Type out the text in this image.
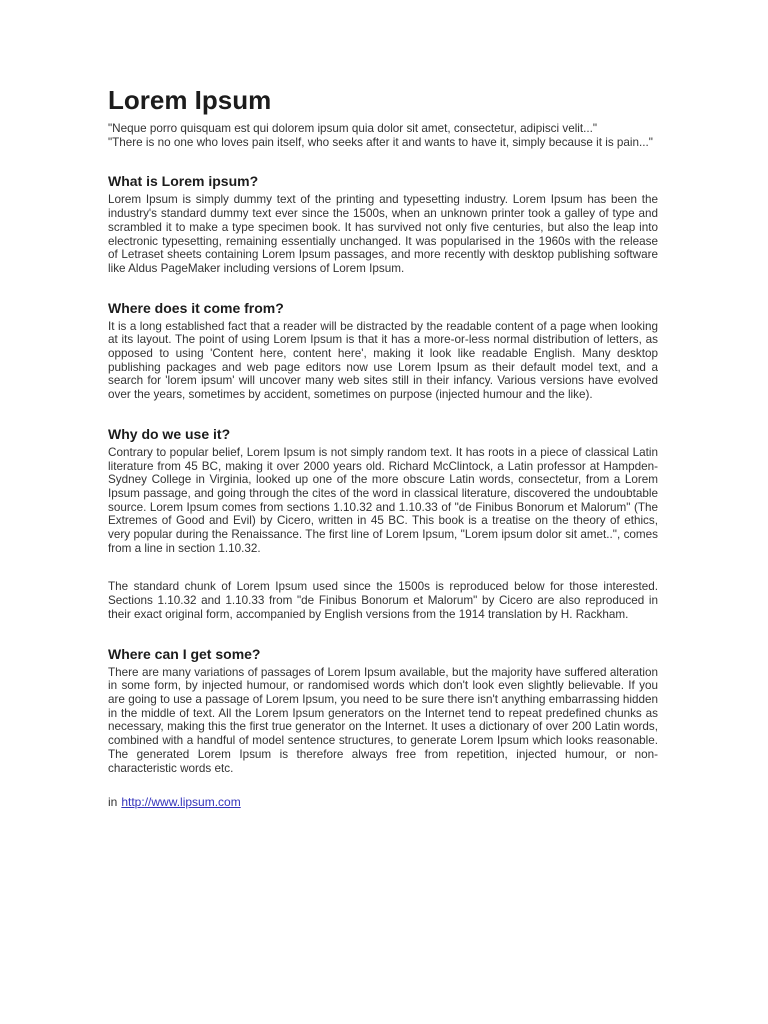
Lorem Ipsum

"Neque porro quisquam est qui dolorem ipsum quia dolor sit amet, consectetur, adipisci velit..."
"There is no one who loves pain itself, who seeks after it and wants to have it, simply because it is pain..."

What is Lorem ipsum?

Lorem Ipsum is simply dummy text of the printing and typesetting industry. Lorem Ipsum has been the industry's standard dummy text ever since the 1500s, when an unknown printer took a galley of type and scrambled it to make a type specimen book. It has survived not only five centuries, but also the leap into electronic typesetting, remaining essentially unchanged. It was popularised in the 1960s with the release of Letraset sheets containing Lorem Ipsum passages, and more recently with desktop publishing software like Aldus PageMaker including versions of Lorem Ipsum.

Where does it come from?

It is a long established fact that a reader will be distracted by the readable content of a page when looking at its layout. The point of using Lorem Ipsum is that it has a more-or-less normal distribution of letters, as opposed to using 'Content here, content here', making it look like readable English. Many desktop publishing packages and web page editors now use Lorem Ipsum as their default model text, and a search for 'lorem ipsum' will uncover many web sites still in their infancy. Various versions have evolved over the years, sometimes by accident, sometimes on purpose (injected humour and the like).

Why do we use it?

Contrary to popular belief, Lorem Ipsum is not simply random text. It has roots in a piece of classical Latin literature from 45 BC, making it over 2000 years old. Richard McClintock, a Latin professor at Hampden-Sydney College in Virginia, looked up one of the more obscure Latin words, consectetur, from a Lorem Ipsum passage, and going through the cites of the word in classical literature, discovered the undoubtable source. Lorem Ipsum comes from sections 1.10.32 and 1.10.33 of "de Finibus Bonorum et Malorum" (The Extremes of Good and Evil) by Cicero, written in 45 BC. This book is a treatise on the theory of ethics, very popular during the Renaissance. The first line of Lorem Ipsum, "Lorem ipsum dolor sit amet..", comes from a line in section 1.10.32.

The standard chunk of Lorem Ipsum used since the 1500s is reproduced below for those interested. Sections 1.10.32 and 1.10.33 from "de Finibus Bonorum et Malorum" by Cicero are also reproduced in their exact original form, accompanied by English versions from the 1914 translation by H. Rackham.

Where can I get some?

There are many variations of passages of Lorem Ipsum available, but the majority have suffered alteration in some form, by injected humour, or randomised words which don't look even slightly believable. If you are going to use a passage of Lorem Ipsum, you need to be sure there isn't anything embarrassing hidden in the middle of text. All the Lorem Ipsum generators on the Internet tend to repeat predefined chunks as necessary, making this the first true generator on the Internet. It uses a dictionary of over 200 Latin words, combined with a handful of model sentence structures, to generate Lorem Ipsum which looks reasonable. The generated Lorem Ipsum is therefore always free from repetition, injected humour, or non-characteristic words etc.

in http://www.lipsum.com
